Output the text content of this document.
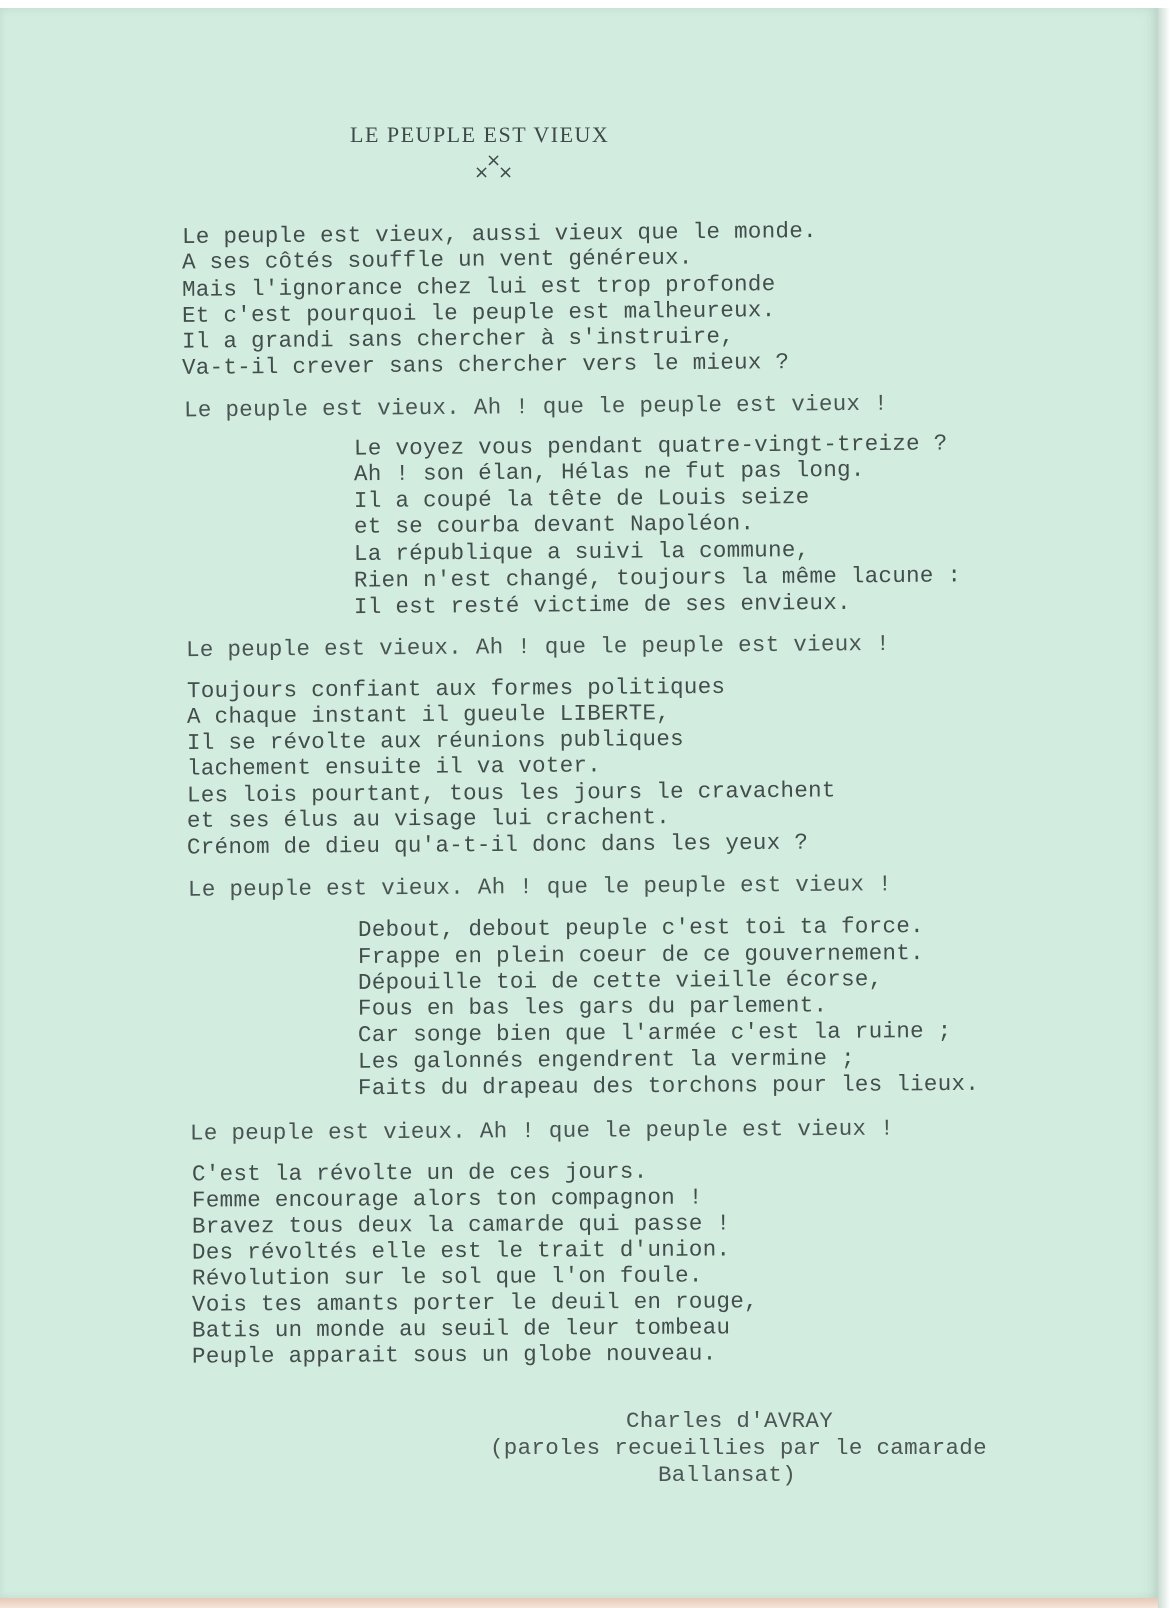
LE PEUPLE EST VIEUX
×
×
×
Le peuple est vieux, aussi vieux que le monde.
A ses côtés souffle un vent généreux.
Mais l'ignorance chez lui est trop profonde
Et c'est pourquoi le peuple est malheureux.
Il a grandi sans chercher à s'instruire,
Va-t-il crever sans chercher vers le mieux ?
Le peuple est vieux. Ah ! que le peuple est vieux !
Le voyez vous pendant quatre-vingt-treize ?
Ah ! son élan, Hélas ne fut pas long.
Il a coupé la tête de Louis seize
et se courba devant Napoléon.
La république a suivi la commune,
Rien n'est changé, toujours la même lacune :
Il est resté victime de ses envieux.
Le peuple est vieux. Ah ! que le peuple est vieux !
Toujours confiant aux formes politiques
A chaque instant il gueule LIBERTE,
Il se révolte aux réunions publiques
lachement ensuite il va voter.
Les lois pourtant, tous les jours le cravachent
et ses élus au visage lui crachent.
Crénom de dieu qu'a-t-il donc dans les yeux ?
Le peuple est vieux. Ah ! que le peuple est vieux !
Debout, debout peuple c'est toi ta force.
Frappe en plein coeur de ce gouvernement.
Dépouille toi de cette vieille écorse,
Fous en bas les gars du parlement.
Car songe bien que l'armée c'est la ruine ;
Les galonnés engendrent la vermine ;
Faits du drapeau des torchons pour les lieux.
Le peuple est vieux. Ah ! que le peuple est vieux !
C'est la révolte un de ces jours.
Femme encourage alors ton compagnon !
Bravez tous deux la camarde qui passe !
Des révoltés elle est le trait d'union.
Révolution sur le sol que l'on foule.
Vois tes amants porter le deuil en rouge,
Batis un monde au seuil de leur tombeau
Peuple apparait sous un globe nouveau.
Charles d'AVRAY
(paroles recueillies par le camarade
Ballansat)
